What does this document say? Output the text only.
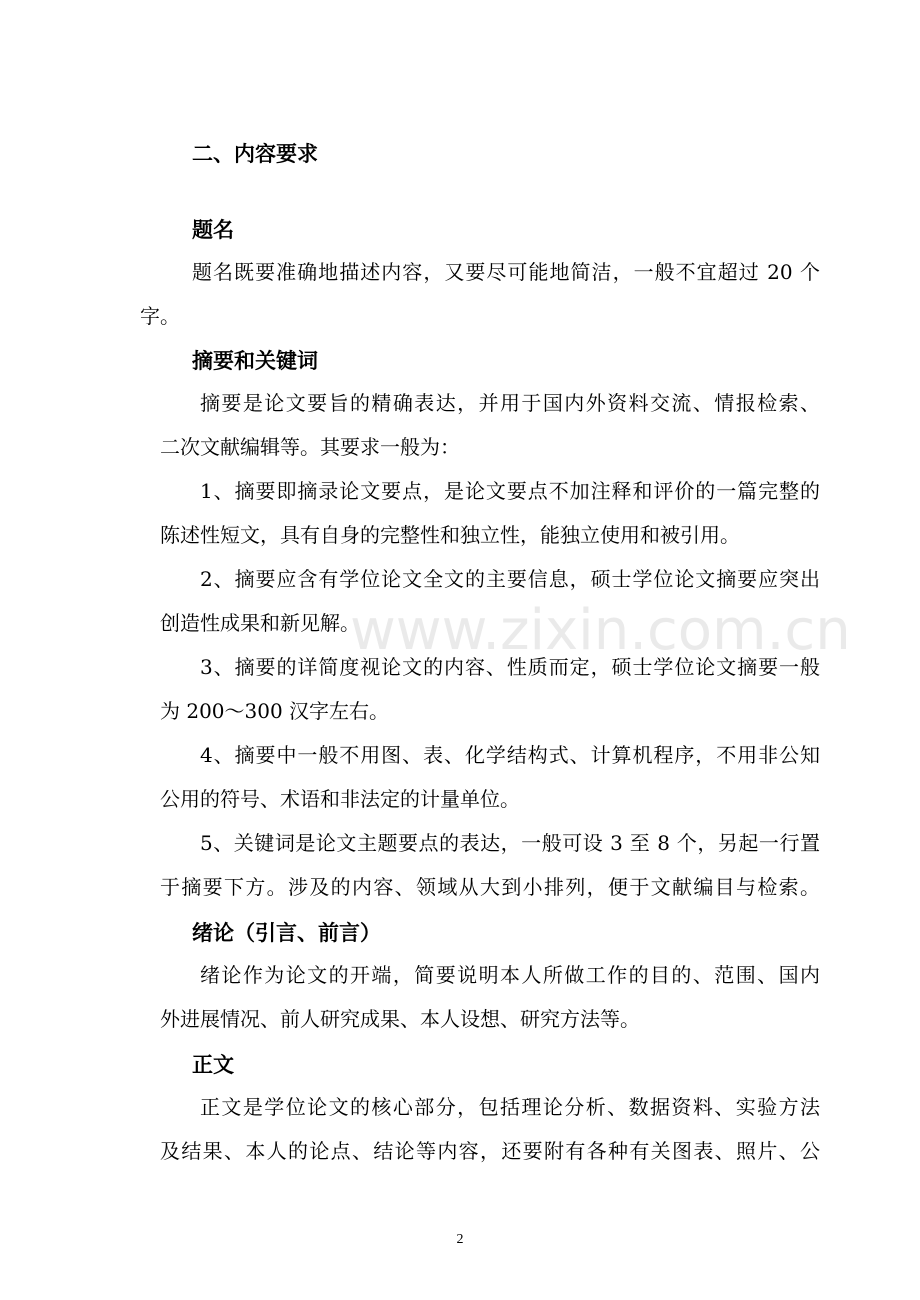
二、内容要求
题名
题名既要准确地描述内容，又要尽可能地简洁，一般不宜超过 20 个
字。
摘要和关键词
摘要是论文要旨的精确表达，并用于国内外资料交流、情报检索、
二次文献编辑等。其要求一般为：
1、摘要即摘录论文要点，是论文要点不加注释和评价的一篇完整的
陈述性短文，具有自身的完整性和独立性，能独立使用和被引用。
2、摘要应含有学位论文全文的主要信息，硕士学位论文摘要应突出
创造性成果和新见解。
3、摘要的详简度视论文的内容、性质而定，硕士学位论文摘要一般
为 200～300 汉字左右。
4、摘要中一般不用图、表、化学结构式、计算机程序，不用非公知
公用的符号、术语和非法定的计量单位。
5、关键词是论文主题要点的表达，一般可设 3 至 8 个，另起一行置
于摘要下方。涉及的内容、领域从大到小排列，便于文献编目与检索。
绪论（引言、前言）
绪论作为论文的开端，简要说明本人所做工作的目的、范围、国内
外进展情况、前人研究成果、本人设想、研究方法等。
正文
正文是学位论文的核心部分，包括理论分析、数据资料、实验方法
及结果、本人的论点、结论等内容，还要附有各种有关图表、照片、公
www.zixin.com.cn
2
